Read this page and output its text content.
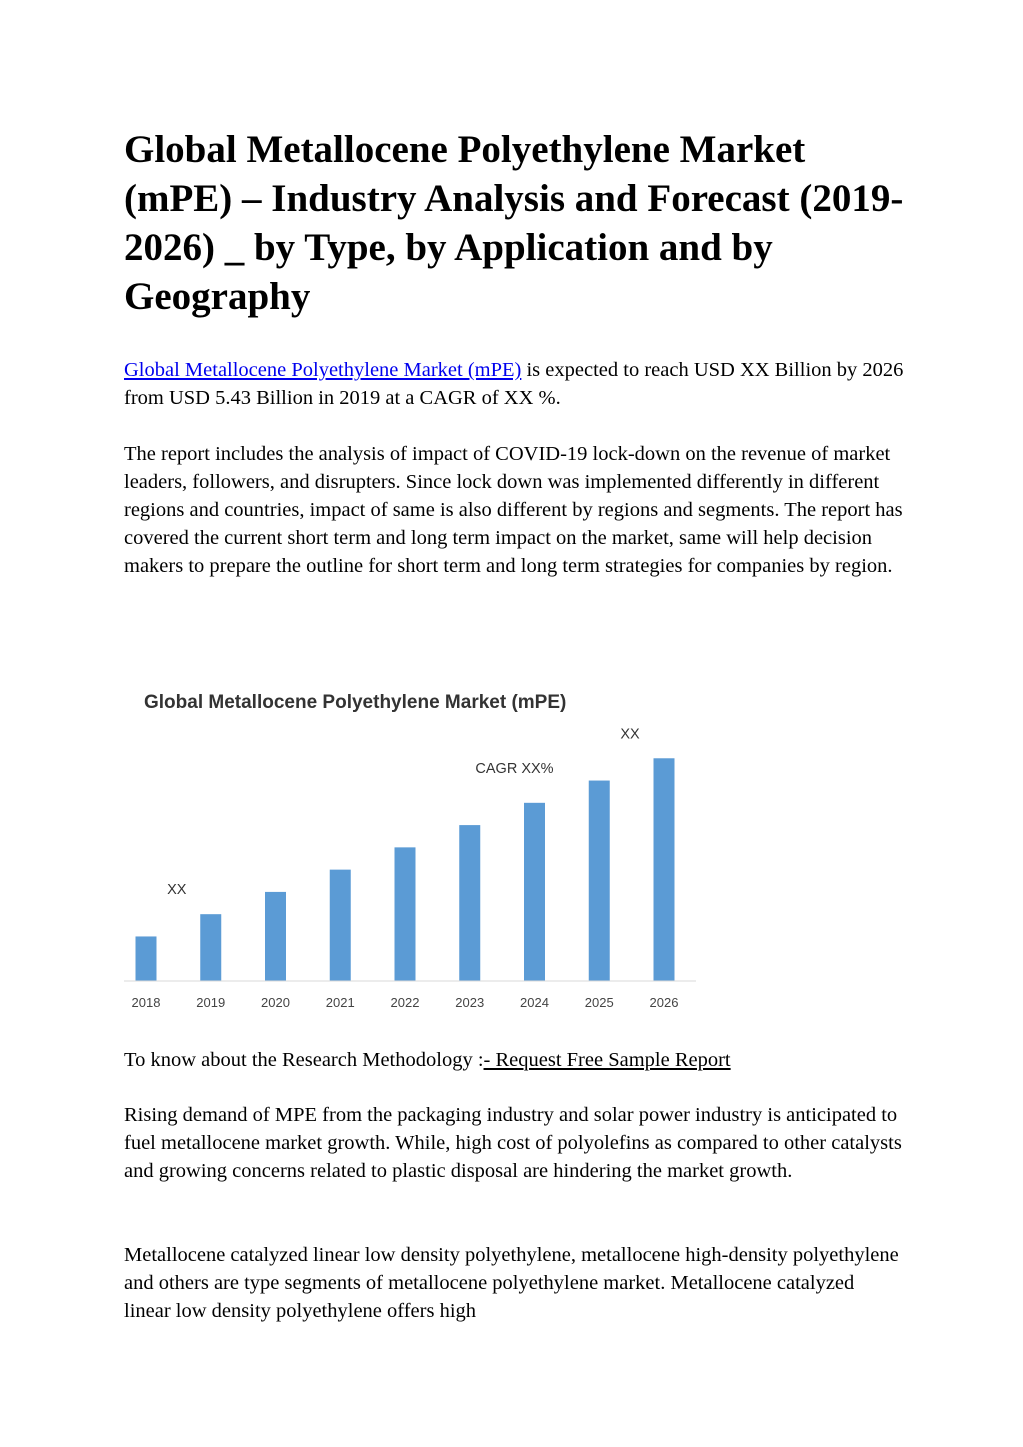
Global Metallocene Polyethylene Market (mPE) – Industry Analysis and Forecast (2019-2026) _ by Type, by Application and by Geography

Global Metallocene Polyethylene Market (mPE) is expected to reach USD XX Billion by 2026 from USD 5.43 Billion in 2019 at a CAGR of XX %.

The report includes the analysis of impact of COVID-19 lock-down on the revenue of market leaders, followers, and disrupters. Since lock down was implemented differently in different regions and countries, impact of same is also different by regions and segments. The report has covered the current short term and long term impact on the market, same will help decision makers to prepare the outline for short term and long term strategies for companies by region.

Global Metallocene Polyethylene Market (mPE)
2018	2019	2020	2021	2022	2023	2024	2025	2026
XX
CAGR XX%
XX

To know about the Research Methodology :- Request Free Sample Report

Rising demand of MPE from the packaging industry and solar power industry is anticipated to fuel metallocene market growth. While, high cost of polyolefins as compared to other catalysts and growing concerns related to plastic disposal are hindering the market growth.

Metallocene catalyzed linear low density polyethylene, metallocene high-density polyethylene and others are type segments of metallocene polyethylene market. Metallocene catalyzed linear low density polyethylene offers high
